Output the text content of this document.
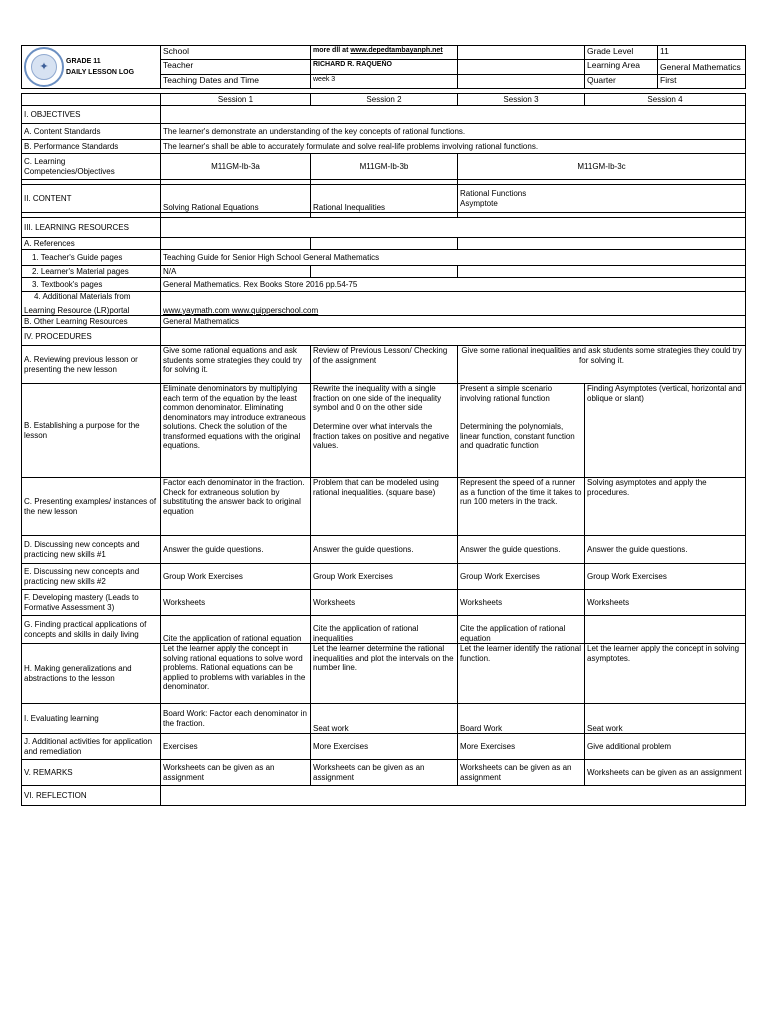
✦ GRADE 11
DAILY LESSON LOG	School	more dll at www.depedtambayanph.net		Grade Level	11
	Teacher	RICHARD R. RAQUEÑO		Learning Area	General Mathematics
	Teaching Dates and Time	week 3		Quarter	First

	Session 1	Session 2	Session 3	Session 4	
I. OBJECTIVES					
A. Content Standards	The learner's demonstrate an understanding of the key concepts of rational functions.				
B. Performance Standards	The learner's shall be able to accurately formulate and solve real-life problems involving rational functions.				
C. Learning Competencies/Objectives	M11GM-Ib-3a	M11GM-Ib-3b	M11GM-Ib-3c		

II. CONTENT	Solving Rational Equations	Rational Inequalities	Rational Functions
Asymptote		

III. LEARNING RESOURCES					
A. References					
1. Teacher's Guide pages	Teaching Guide for Senior High School General Mathematics				
2. Learner's Material pages	N/A				
3. Textbook's pages	General Mathematics. Rex Books Store 2016 pp.54-75				

4. Additional Materials from
Learning Resource (LR)portal	www.yaymath.com www.quipperschool.com				
B. Other Learning Resources	General Mathematics				
IV. PROCEDURES					
A. Reviewing previous lesson or presenting the new lesson	Give some rational equations and ask students some strategies they could try for solving it.	Review of Previous Lesson/ Checking of the assignment	Give some rational inequalities and ask students some strategies they could try for solving it.		
B. Establishing a purpose for the lesson	Eliminate denominators by multiplying each term of the equation by the least common denominator. Eliminating denominators may introduce extraneous solutions. Check the solution of the transformed equations with the original equations.	Rewrite the inequality with a single fraction on one side of the inequality symbol and 0 on the other side

Determine over what intervals the fraction takes on positive and negative values.	Present a simple scenario involving rational function

Determining the polynomials, linear function, constant function and quadratic function	Finding Asymptotes (vertical, horizontal and oblique or slant)	
C. Presenting examples/ instances of the new lesson	Factor each denominator in the fraction. Check for extraneous solution by substituting the answer back to original equation	Problem that can be modeled using rational inequalities. (square base)	Represent the speed of a runner as a function of the time it takes to run 100 meters in the track.	Solving asymptotes and apply the procedures.	
D. Discussing new concepts and practicing new skills #1	Answer the guide questions.	Answer the guide questions.	Answer the guide questions.	Answer the guide questions.	
E. Discussing new concepts and practicing new skills #2	Group Work Exercises	Group Work Exercises	Group Work Exercises	Group Work Exercises	
F. Developing mastery (Leads to Formative Assessment 3)	Worksheets	Worksheets	Worksheets	Worksheets	
G. Finding practical applications of concepts and skills in daily living	Cite the application of rational equation	Cite the application of rational inequalities	Cite the application of rational equation		
H. Making generalizations and abstractions to the lesson	Let the learner apply the concept in solving rational equations to solve word problems. Rational equations can be applied to problems with variables in the denominator.	Let the learner determine the rational inequalities and plot the intervals on the number line.	Let the learner identify the rational function.	Let the learner apply the concept in solving asymptotes.	
I. Evaluating learning	Board Work: Factor each denominator in the fraction.	Seat work	Board Work	Seat work	
J. Additional activities for application and remediation	Exercises	More Exercises	More Exercises	Give additional problem	
V. REMARKS	Worksheets can be given as an assignment	Worksheets can be given as an assignment	Worksheets can be given as an assignment	Worksheets can be given as an assignment	
VI. REFLECTION					
